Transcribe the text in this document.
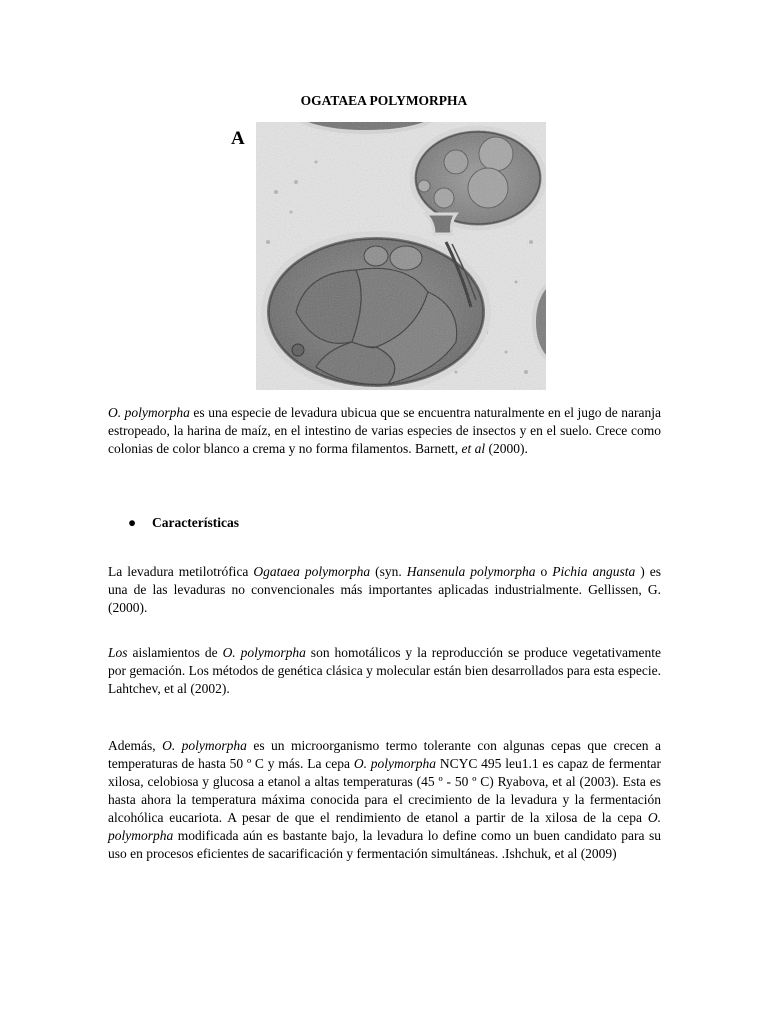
OGATAEA POLYMORPHA
A

O. polymorpha es una especie de levadura ubicua que se encuentra naturalmente en el jugo de naranja estropeado, la harina de maíz, en el intestino de varias especies de insectos y en el suelo. Crece como colonias de color blanco a crema y no forma filamentos. Barnett, et al (2000).

● Características

La levadura metilotrófica Ogataea polymorpha (syn. Hansenula polymorpha o Pichia angusta ) es una de las levaduras no convencionales más importantes aplicadas industrialmente. Gellissen, G. (2000).

Los aislamientos de O. polymorpha son homotálicos y la reproducción se produce vegetativamente por gemación. Los métodos de genética clásica y molecular están bien desarrollados para esta especie. Lahtchev, et al (2002).

Además, O. polymorpha es un microorganismo termo tolerante con algunas cepas que crecen a temperaturas de hasta 50 º C y más. La cepa O. polymorpha NCYC 495 leu1.1 es capaz de fermentar xilosa, celobiosa y glucosa a etanol a altas temperaturas (45 º - 50 º C) Ryabova, et al (2003). Esta es hasta ahora la temperatura máxima conocida para el crecimiento de la levadura y la fermentación alcohólica eucariota. A pesar de que el rendimiento de etanol a partir de la xilosa de la cepa O. polymorpha modificada aún es bastante bajo, la levadura lo define como un buen candidato para su uso en procesos eficientes de sacarificación y fermentación simultáneas. .Ishchuk, et al (2009)
